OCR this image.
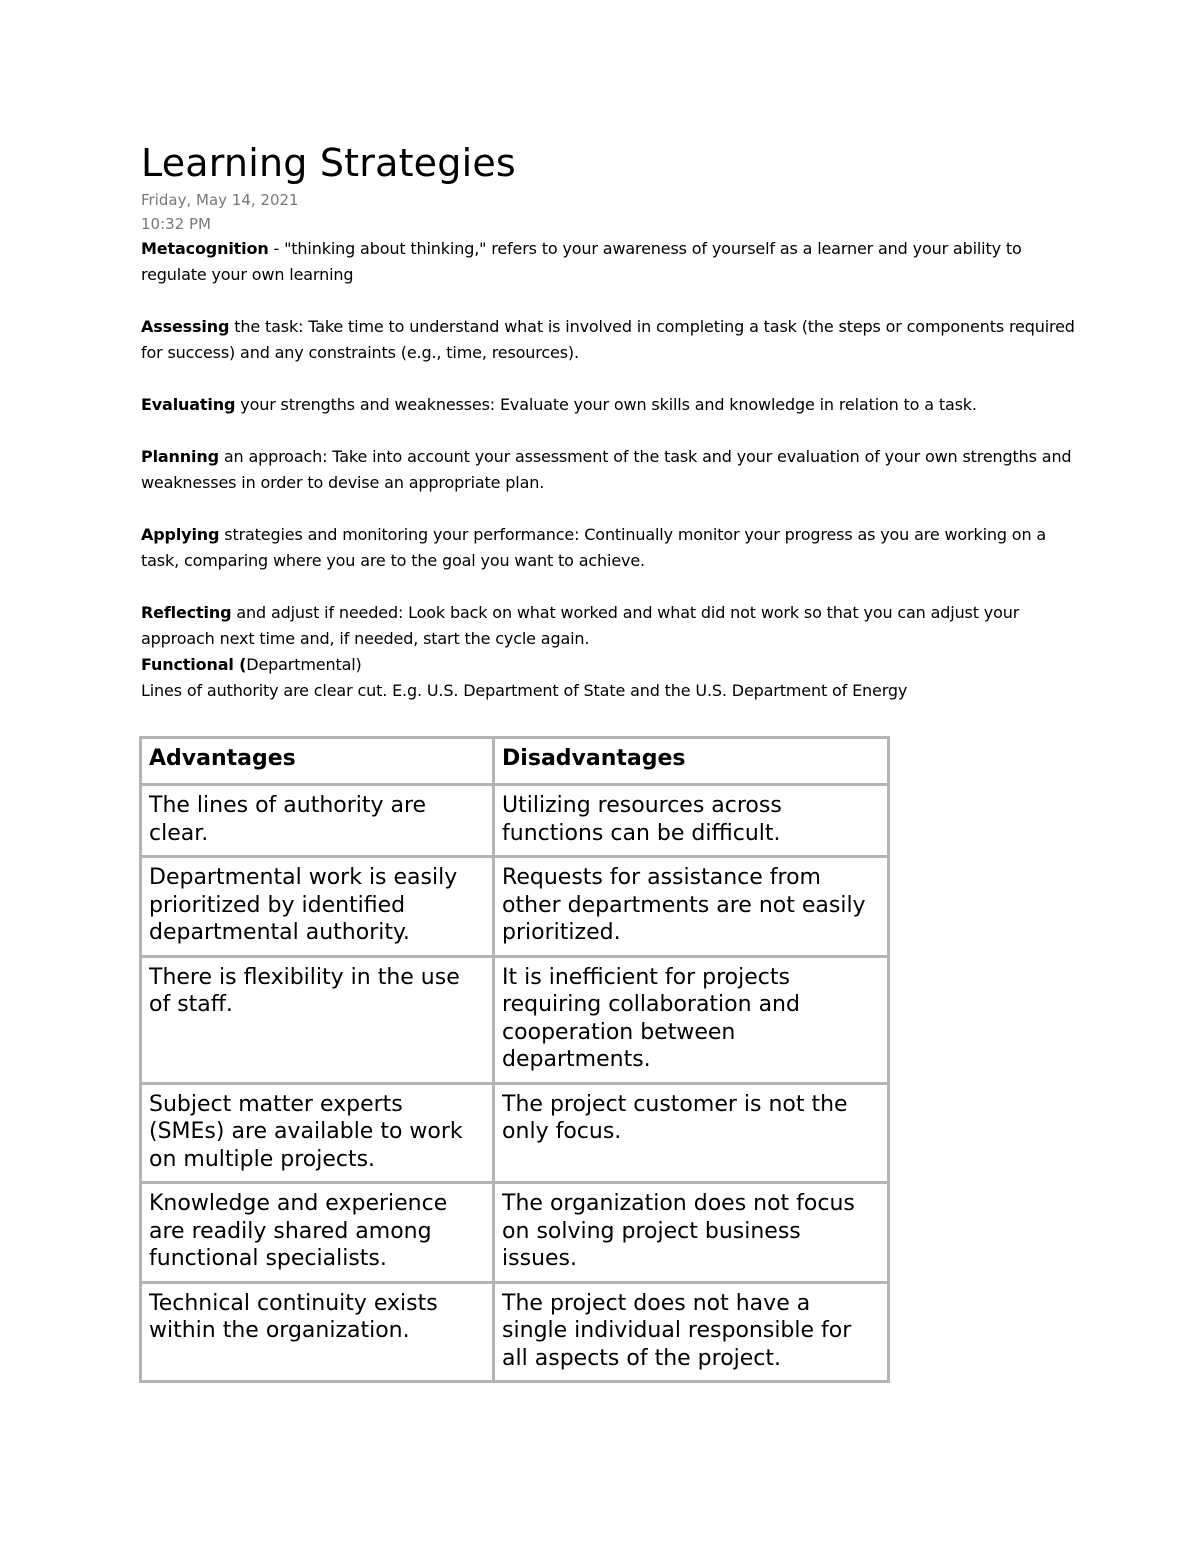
Learning Strategies
Friday, May 14, 2021
10:32 PM

Metacognition - "thinking about thinking," refers to your awareness of yourself as a learner and your ability to regulate your own learning

Assessing the task: Take time to understand what is involved in completing a task (the steps or components required for success) and any constraints (e.g., time, resources).

Evaluating your strengths and weaknesses: Evaluate your own skills and knowledge in relation to a task.

Planning an approach: Take into account your assessment of the task and your evaluation of your own strengths and weaknesses in order to devise an appropriate plan.

Applying strategies and monitoring your performance: Continually monitor your progress as you are working on a task, comparing where you are to the goal you want to achieve.

Reflecting and adjust if needed: Look back on what worked and what did not work so that you can adjust your approach next time and, if needed, start the cycle again.

Functional (Departmental)

Lines of authority are clear cut. E.g. U.S. Department of State and the U.S. Department of Energy

Advantages	Disadvantages
The lines of authority are clear.	Utilizing resources across functions can be difficult.
Departmental work is easily prioritized by identified departmental authority.	Requests for assistance from other departments are not easily prioritized.
There is flexibility in the use of staff.	It is inefficient for projects requiring collaboration and cooperation between departments.
Subject matter experts (SMEs) are available to work on multiple projects.	The project customer is not the only focus.
Knowledge and experience are readily shared among functional specialists.	The organization does not focus on solving project business issues.
Technical continuity exists within the organization.	The project does not have a single individual responsible for all aspects of the project.
